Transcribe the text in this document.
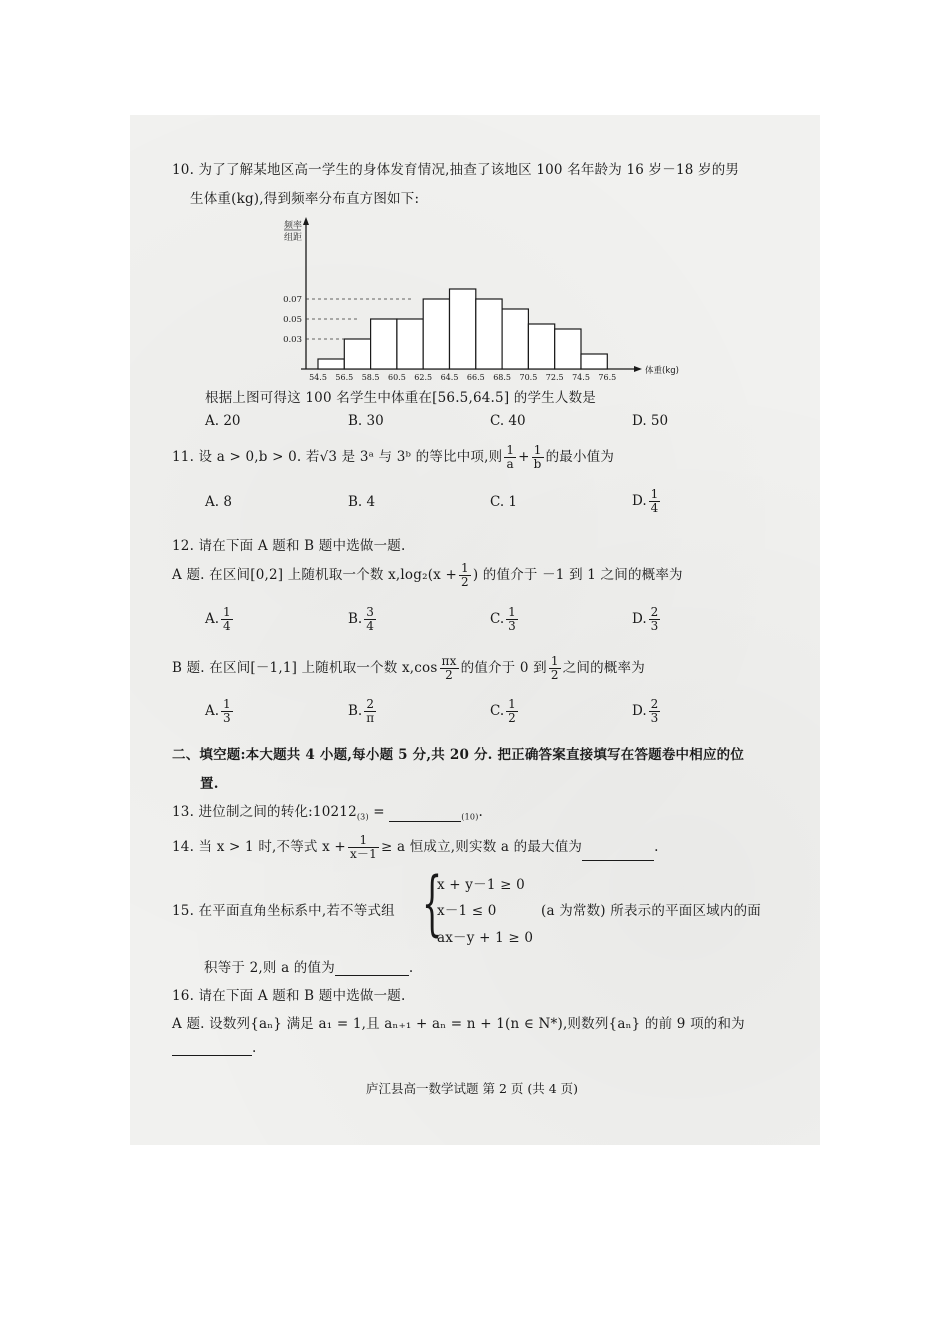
10. 为了了解某地区高一学生的身体发育情况,抽查了该地区 100 名年龄为 16 岁－18 岁的男
生体重(kg),得到频率分布直方图如下:
频率
组距
0.07
0.05
0.03
54.5 56.5 58.5 60.5 62.5 64.5 66.5 68.5 70.5 72.5 74.5 76.5
体重(kg)
根据上图可得这 100 名学生中体重在[56.5,64.5] 的学生人数是
A. 20	B. 30	C. 40	D. 50
11. 设 a > 0,b > 0. 若√3 是 3ᵃ 与 3ᵇ 的等比中项,则 $\frac{1}{a} + \frac{1}{b}$ 的最小值为
A. 8	B. 4	C. 1	D. $\frac{1}{4}$
12. 请在下面 A 题和 B 题中选做一题.
A 题. 在区间[0,2] 上随机取一个数 $x,\log_2(x + \frac{1}{2}$ ) 的值介于 －1 到 1 之间的概率为
A. $\frac{1}{4}$	B. $\frac{3}{4}$	C. $\frac{1}{3}$	D. $\frac{2}{3}$
B 题. 在区间[－1,1] 上随机取一个数 $x,\cos \frac{\pi x}{2}$ 的值介于 0 到 $\frac{1}{2}$ 之间的概率为
A. $\frac{1}{3}$	B. $\frac{2}{\pi}$	C. $\frac{1}{2}$	D. $\frac{2}{3}$
二、填空题:本大题共 4 小题,每小题 5 分,共 20 分. 把正确答案直接填写在答题卷中相应的位
置.
13. 进位制之间的转化$:10212_{(3)}$ =	$_{(10)}$.
14. 当 x > 1 时,不等式 $x + \frac{1}{x-1} \ge a$ 恒成立,则实数 a 的最大值为	.
15. 在平面直角坐标系中,若不等式组 {
x + y－1 ≥ 0
x－1 ≤ 0
ax－y + 1 ≥ 0
(a 为常数) 所表示的平面区域内的面
积等于 2,则 a 的值为	.
16. 请在下面 A 题和 B 题中选做一题.
A 题. 设数列{aₙ} 满足 a₁ = 1,且 aₙ₊₁ + aₙ = n + 1(n ∈ N*),则数列{aₙ} 的前 9 项的和为
.
庐江县高一数学试题 第 2 页 (共 4 页)
